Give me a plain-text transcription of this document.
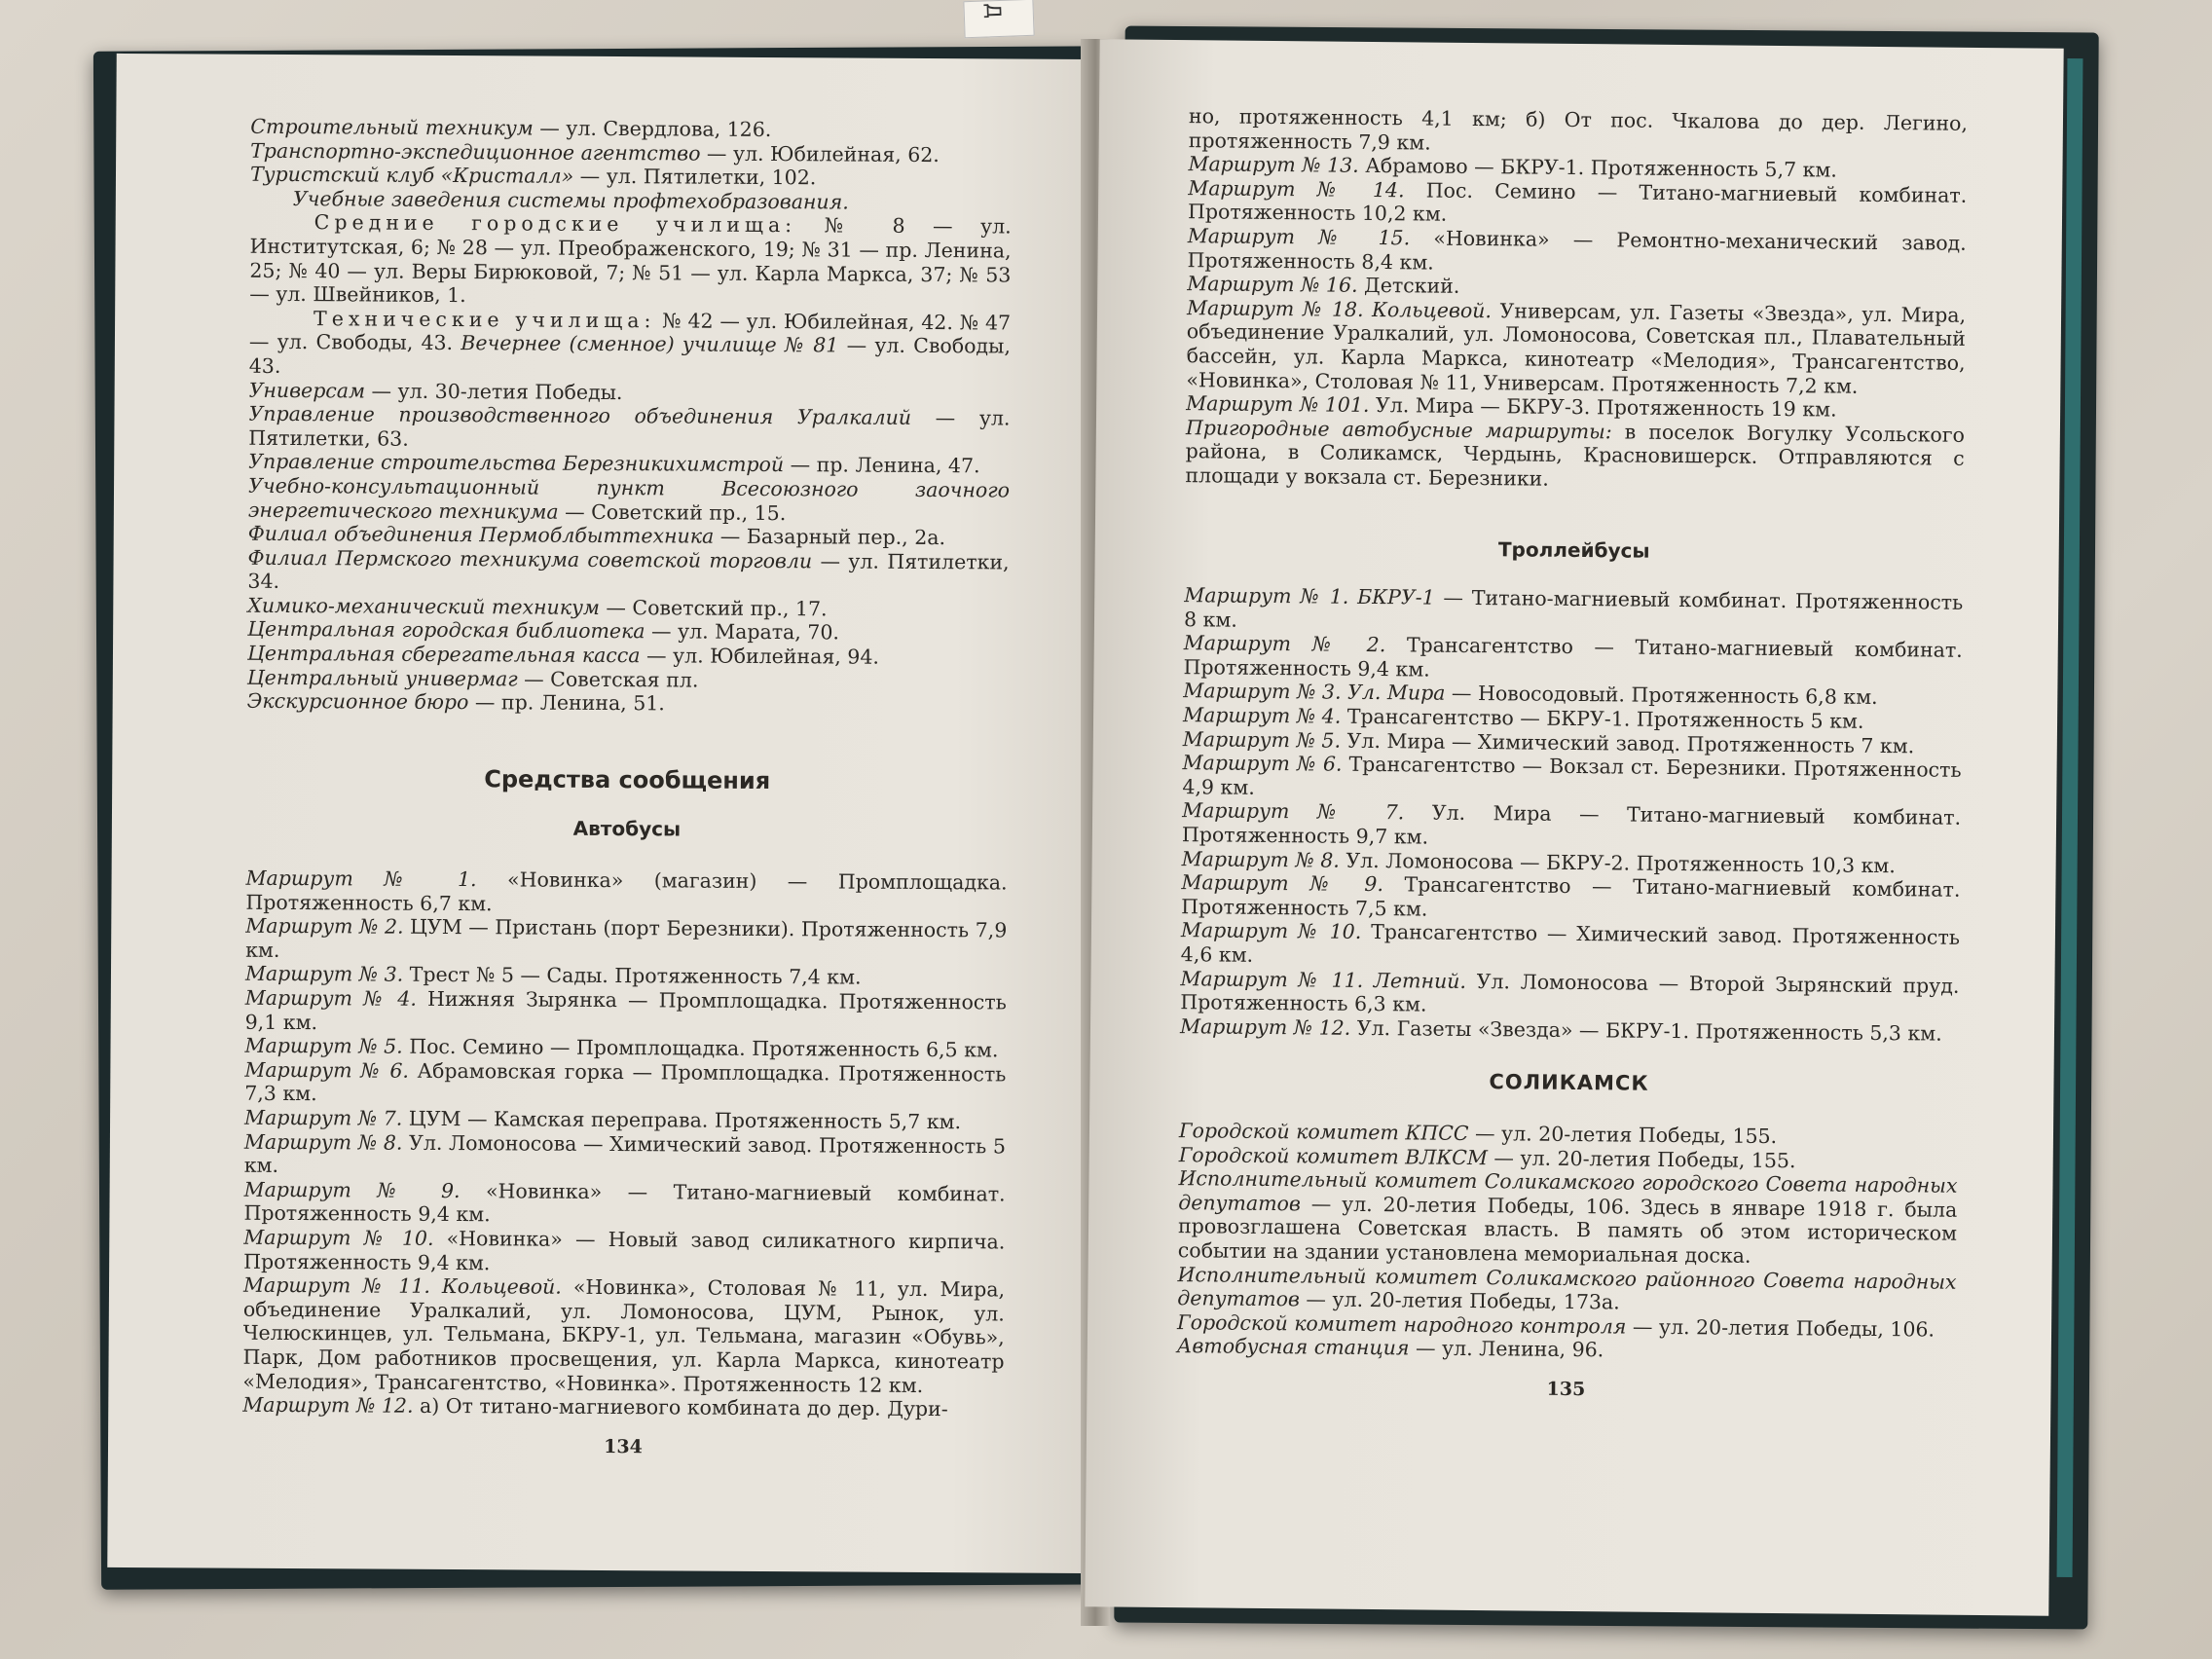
Д

Строительный техникум — ул. Свердлова, 126.

Транспортно-экспедиционное агентство — ул. Юбилейная, 62.

Туристский клуб «Кристалл» — ул. Пятилетки, 102.

Учебные заведения системы профтехобразования.

Средние городские училища: № 8 — ул. Институтская, 6; № 28 — ул. Преображенского, 19; № 31 — пр. Ленина, 25; № 40 — ул. Веры Бирюковой, 7; № 51 — ул. Карла Маркса, 37; № 53 — ул. Швейников, 1.

Технические училища: № 42 — ул. Юбилейная, 42. № 47 — ул. Свободы, 43. Вечернее (сменное) училище № 81 — ул. Свободы, 43.

Универсам — ул. 30-летия Победы.

Управление производственного объединения Уралкалий — ул. Пятилетки, 63.

Управление строительства Березникихимстрой — пр. Ленина, 47.

Учебно-консультационный пункт Всесоюзного заочного энергетического техникума — Советский пр., 15.

Филиал объединения Пермоблбыттехника — Базарный пер., 2а.

Филиал Пермского техникума советской торговли — ул. Пятилетки, 34.

Химико-механический техникум — Советский пр., 17.

Центральная городская библиотека — ул. Марата, 70.

Центральная сберегательная касса — ул. Юбилейная, 94.

Центральный универмаг — Советская пл.

Экскурсионное бюро — пр. Ленина, 51.

Средства сообщения

Автобусы

Маршрут № 1. «Новинка» (магазин) — Промплощадка. Протяженность 6,7 км.

Маршрут № 2. ЦУМ — Пристань (порт Березники). Протяженность 7,9 км.

Маршрут № 3. Трест № 5 — Сады. Протяженность 7,4 км.

Маршрут № 4. Нижняя Зырянка — Промплощадка. Протяженность 9,1 км.

Маршрут № 5. Пос. Семино — Промплощадка. Протяженность 6,5 км.

Маршрут № 6. Абрамовская горка — Промплощадка. Протяженность 7,3 км.

Маршрут № 7. ЦУМ — Камская переправа. Протяженность 5,7 км.

Маршрут № 8. Ул. Ломоносова — Химический завод. Протяженность 5 км.

Маршрут № 9. «Новинка» — Титано-магниевый комбинат. Протяженность 9,4 км.

Маршрут № 10. «Новинка» — Новый завод силикатного кирпича. Протяженность 9,4 км.

Маршрут № 11. Кольцевой. «Новинка», Столовая № 11, ул. Мира, объединение Уралкалий, ул. Ломоносова, ЦУМ, Рынок, ул. Челюскинцев, ул. Тельмана, БКРУ-1, ул. Тельмана, магазин «Обувь», Парк, Дом работников просвещения, ул. Карла Маркса, кинотеатр «Мелодия», Трансагентство, «Новинка». Протяженность 12 км.

Маршрут № 12. а) От титано-магниевого комбината до дер. Дури-

134

но, протяженность 4,1 км; б) От пос. Чкалова до дер. Легино, протяженность 7,9 км.

Маршрут № 13. Абрамово — БКРУ-1. Протяженность 5,7 км.

Маршрут № 14. Пос. Семино — Титано-магниевый комбинат. Протяженность 10,2 км.

Маршрут № 15. «Новинка» — Ремонтно-механический завод. Протяженность 8,4 км.

Маршрут № 16. Детский.

Маршрут № 18. Кольцевой. Универсам, ул. Газеты «Звезда», ул. Мира, объединение Уралкалий, ул. Ломоносова, Советская пл., Плавательный бассейн, ул. Карла Маркса, кинотеатр «Мелодия», Трансагентство, «Новинка», Столовая № 11, Универсам. Протяженность 7,2 км.

Маршрут № 101. Ул. Мира — БКРУ-3. Протяженность 19 км.

Пригородные автобусные маршруты: в поселок Вогулку Усольского района, в Соликамск, Чердынь, Красновишерск. Отправляются с площади у вокзала ст. Березники.

Троллейбусы

Маршрут № 1. БКРУ-1 — Титано-магниевый комбинат. Протяженность 8 км.

Маршрут № 2. Трансагентство — Титано-магниевый комбинат. Протяженность 9,4 км.

Маршрут № 3. Ул. Мира — Новосодовый. Протяженность 6,8 км.

Маршрут № 4. Трансагентство — БКРУ-1. Протяженность 5 км.

Маршрут № 5. Ул. Мира — Химический завод. Протяженность 7 км.

Маршрут № 6. Трансагентство — Вокзал ст. Березники. Протяженность 4,9 км.

Маршрут № 7. Ул. Мира — Титано-магниевый комбинат. Протяженность 9,7 км.

Маршрут № 8. Ул. Ломоносова — БКРУ-2. Протяженность 10,3 км.

Маршрут № 9. Трансагентство — Титано-магниевый комбинат. Протяженность 7,5 км.

Маршрут № 10. Трансагентство — Химический завод. Протяженность 4,6 км.

Маршрут № 11. Летний. Ул. Ломоносова — Второй Зырянский пруд. Протяженность 6,3 км.

Маршрут № 12. Ул. Газеты «Звезда» — БКРУ-1. Протяженность 5,3 км.

СОЛИКАМСК

Городской комитет КПСС — ул. 20-летия Победы, 155.

Городской комитет ВЛКСМ — ул. 20-летия Победы, 155.

Исполнительный комитет Соликамского городского Совета народных депутатов — ул. 20-летия Победы, 106. Здесь в январе 1918 г. была провозглашена Советская власть. В память об этом историческом событии на здании установлена мемориальная доска.

Исполнительный комитет Соликамского районного Совета народных депутатов — ул. 20-летия Победы, 173а.

Городской комитет народного контроля — ул. 20-летия Победы, 106.

Автобусная станция — ул. Ленина, 96.

135
